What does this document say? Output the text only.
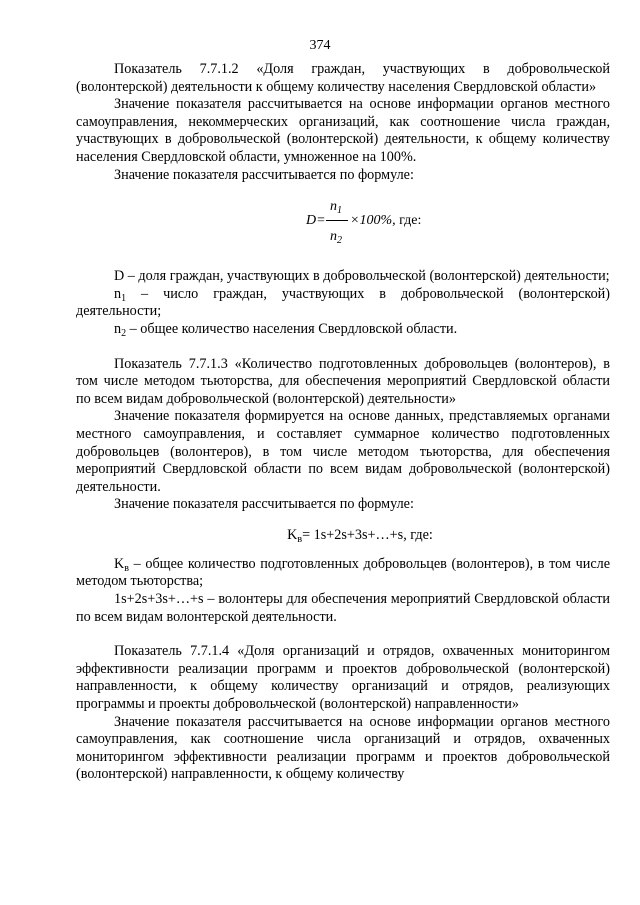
374

Показатель 7.7.1.2 «Доля граждан, участвующих в добровольческой (волонтерской) деятельности к общему количеству населения Свердловской области»

Значение показателя рассчитывается на основе информации органов местного самоуправления, некоммерческих организаций, как соотношение числа граждан, участвующих в добровольческой (волонтерской) деятельности, к общему количеству населения Свердловской области, умноженное на 100%.

Значение показателя рассчитывается по формуле:

D=
$n_1$
$n_2$
×100%, где:

D – доля граждан, участвующих в добровольческой (волонтерской) деятельности;

$n_1$ – число граждан, участвующих в добровольческой (волонтерской) деятельности;

$n_2$ – общее количество населения Свердловской области.

Показатель 7.7.1.3 «Количество подготовленных добровольцев (волонтеров), в том числе методом тьюторства, для обеспечения мероприятий Свердловской области по всем видам добровольческой (волонтерской) деятельности»

Значение показателя формируется на основе данных, представляемых органами местного самоуправления, и составляет суммарное количество подготовленных добровольцев (волонтеров), в том числе методом тьюторства, для обеспечения мероприятий Свердловской области по всем видам добровольческой (волонтерской) деятельности.

Значение показателя рассчитывается по формуле:

$K_в=$ 1s+2s+3s+…+s, где:

$K_в$ – общее количество подготовленных добровольцев (волонтеров), в том числе методом тьюторства;

1s+2s+3s+…+s – волонтеры для обеспечения мероприятий Свердловской области по всем видам волонтерской деятельности.

Показатель 7.7.1.4 «Доля организаций и отрядов, охваченных мониторингом эффективности реализации программ и проектов добровольческой (волонтерской) направленности, к общему количеству организаций и отрядов, реализующих программы и проекты добровольческой (волонтерской) направленности»

Значение показателя рассчитывается на основе информации органов местного самоуправления, как соотношение числа организаций и отрядов, охваченных мониторингом эффективности реализации программ и проектов добровольческой (волонтерской) направленности, к общему количеству
